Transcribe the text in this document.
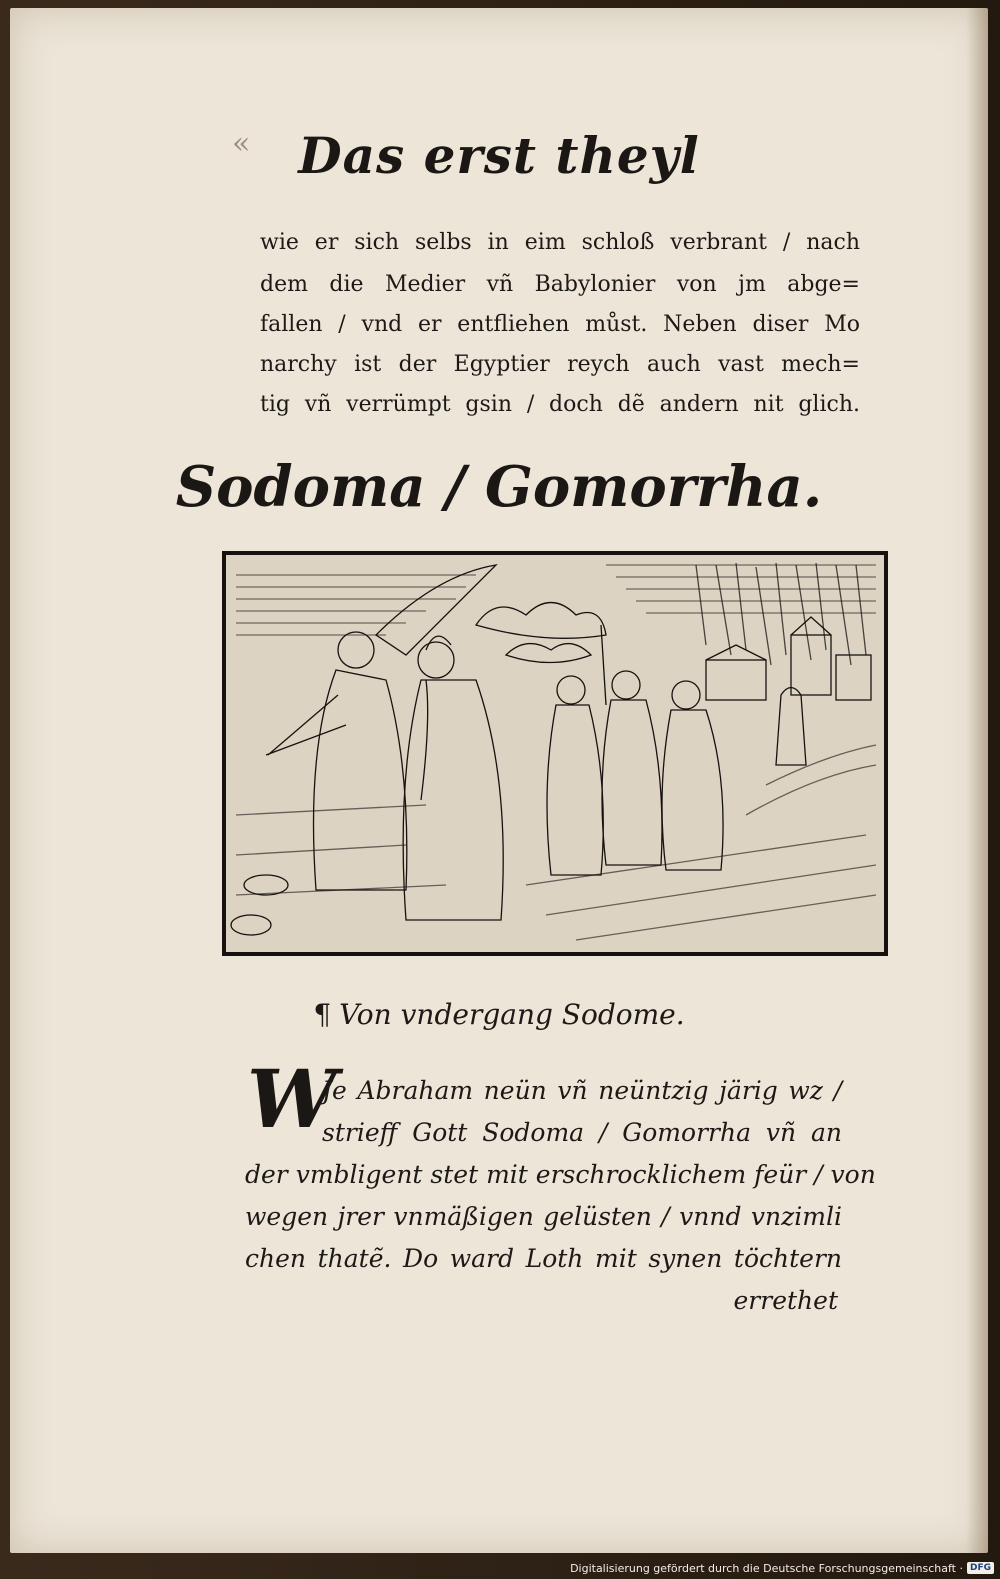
« Das erst theyl
wie er sich selbs in eim schloß verbrant / nach
dem die Medier vñ Babylonier von jm abge=
fallen / vnd er entfliehen můst. Neben diser Mo
narchy ist der Egyptier reych auch vast mech=
tig vñ verrümpt gsin / doch dẽ andern nit glich.
Sodoma / Gomorrha.
¶ Von vndergang Sodome.
W
Je Abraham neün vñ neüntzig järig wz /
strieff Gott Sodoma / Gomorrha vñ an
der vmbligent stet mit erschrocklichem feür / von
wegen jrer vnmäßigen gelüsten / vnnd vnzimli
chen thatẽ. Do ward Loth mit synen töchtern
errethet
Digitalisierung gefördert durch die Deutsche Forschungsgemeinschaft · DFG
